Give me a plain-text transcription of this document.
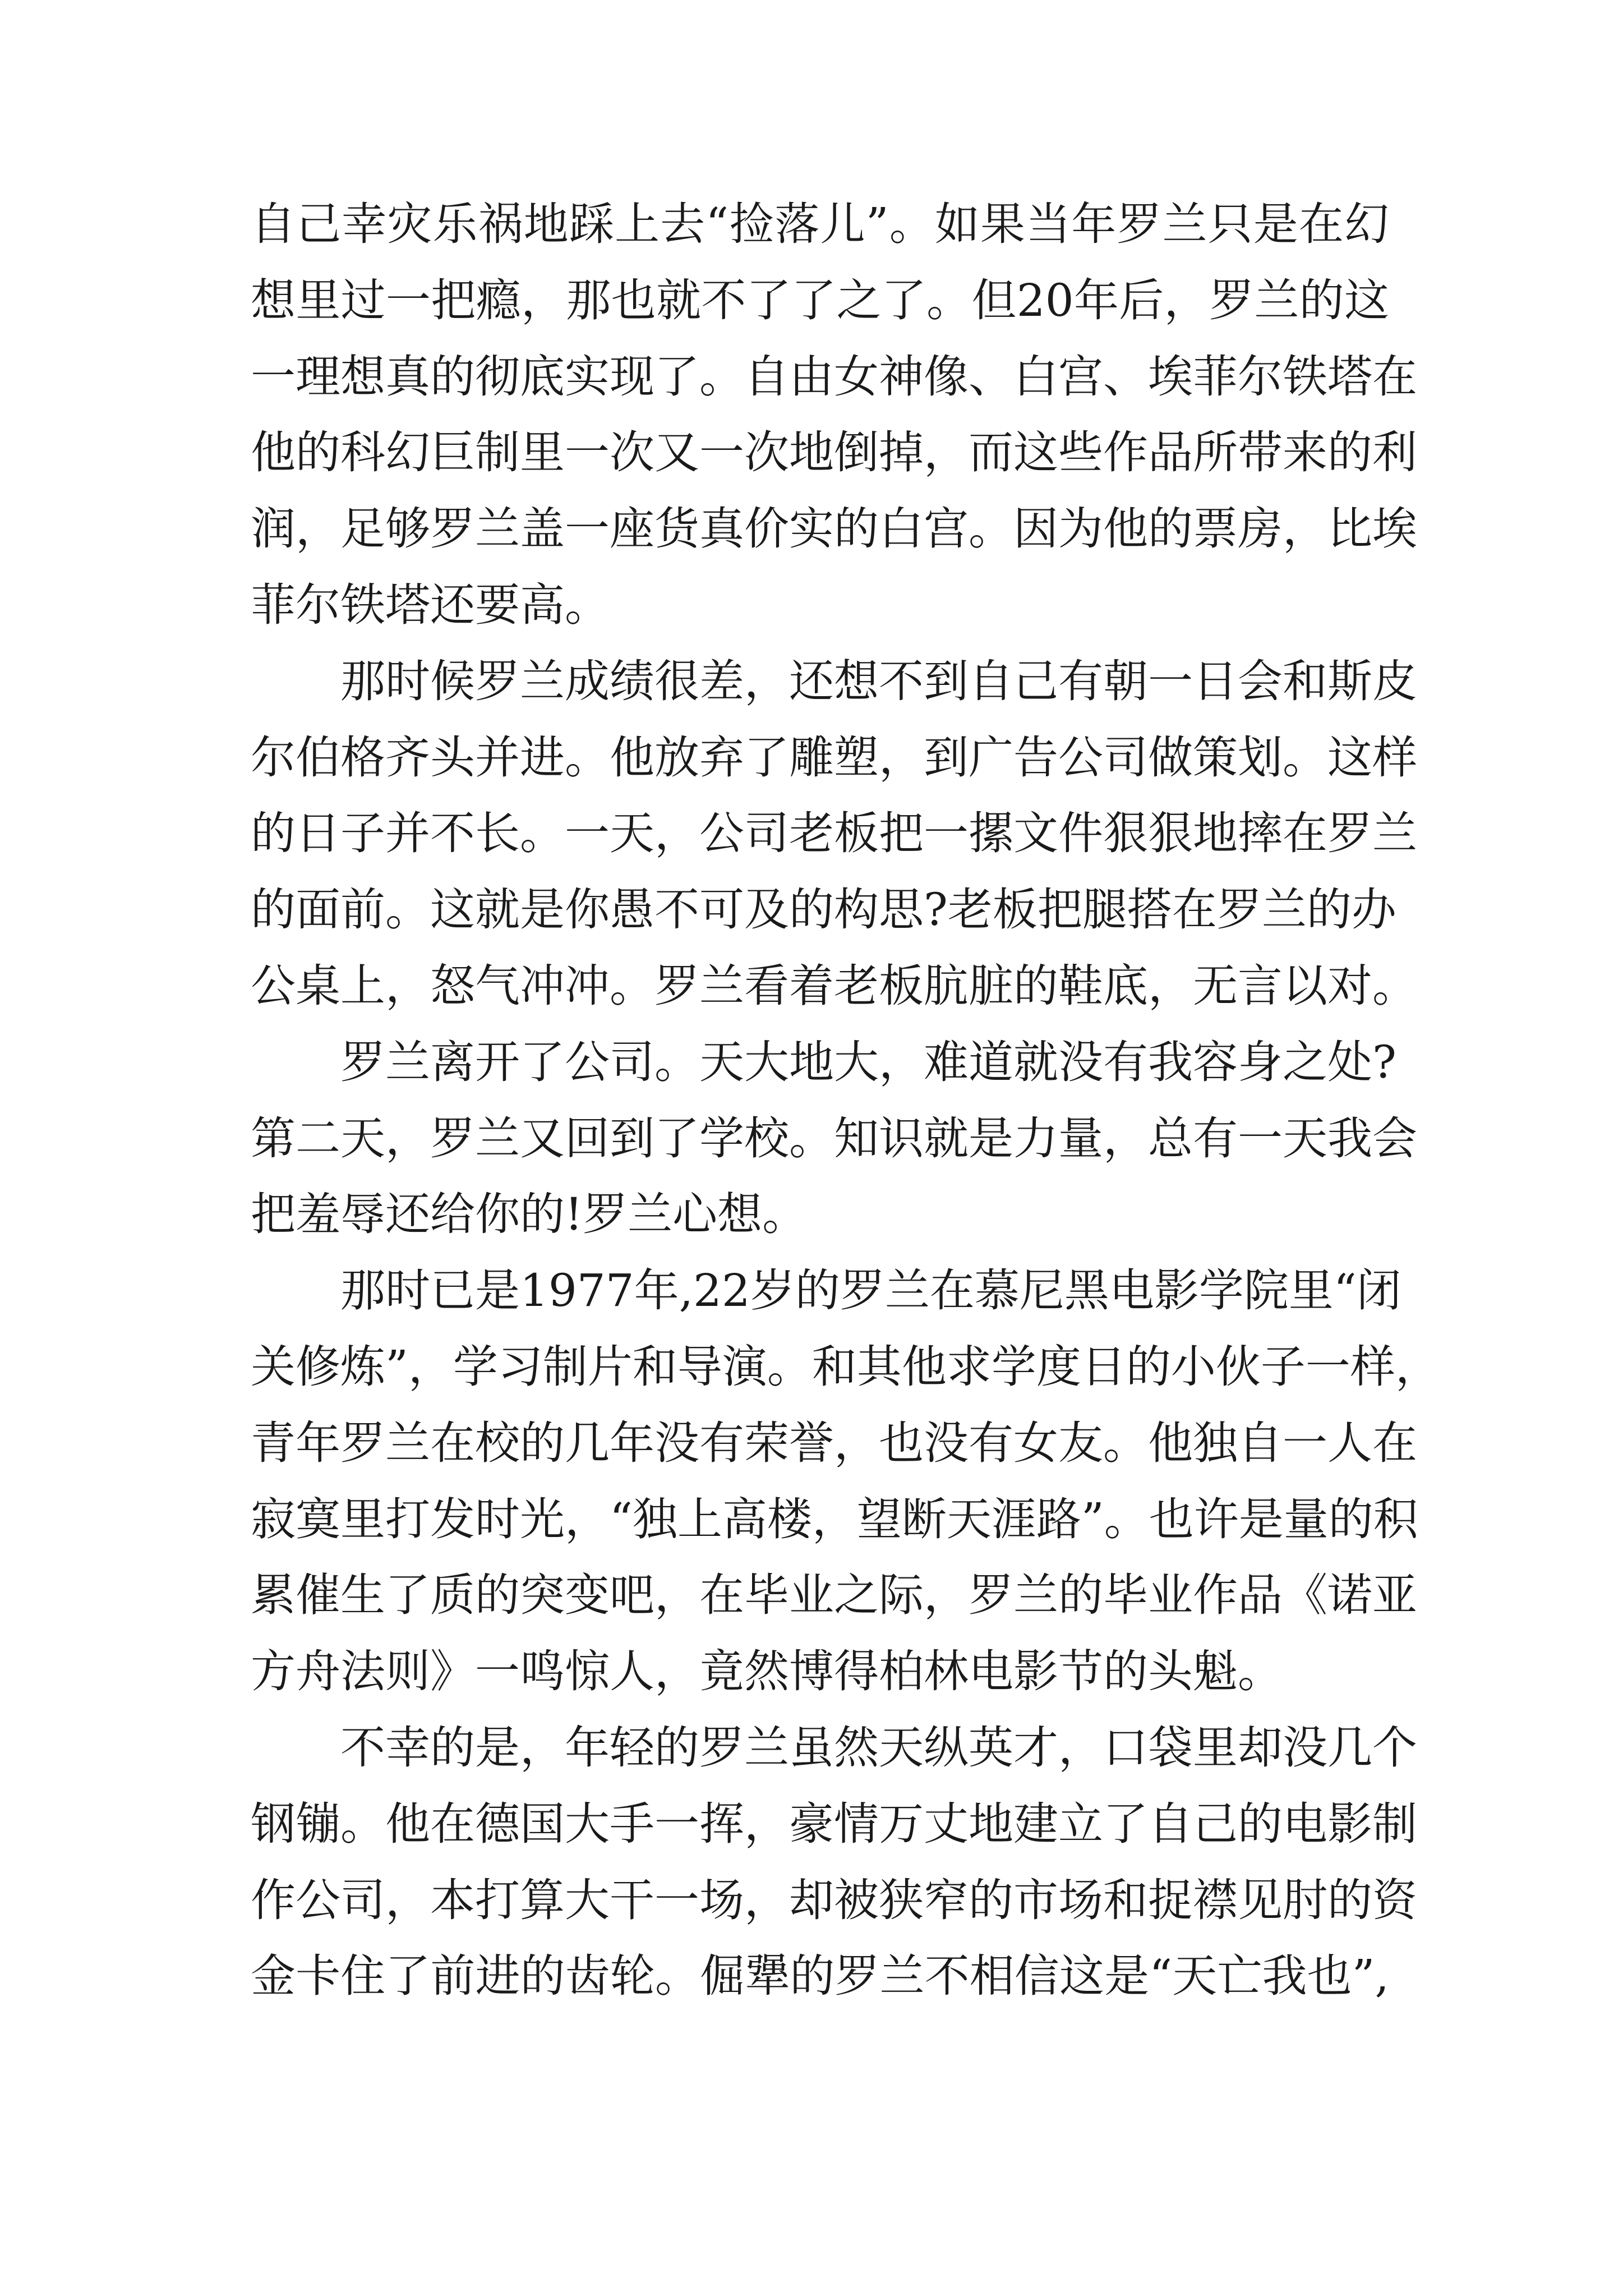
自己幸灾乐祸地踩上去“捡落儿”。如果当年罗兰只是在幻
想里过一把瘾，那也就不了了之了。但20年后，罗兰的这
一理想真的彻底实现了。自由女神像、白宫、埃菲尔铁塔在
他的科幻巨制里一次又一次地倒掉，而这些作品所带来的利
润，足够罗兰盖一座货真价实的白宫。因为他的票房，比埃
菲尔铁塔还要高。
那时候罗兰成绩很差，还想不到自己有朝一日会和斯皮
尔伯格齐头并进。他放弃了雕塑，到广告公司做策划。这样
的日子并不长。一天，公司老板把一摞文件狠狠地摔在罗兰
的面前。这就是你愚不可及的构思?老板把腿搭在罗兰的办
公桌上，怒气冲冲。罗兰看着老板肮脏的鞋底，无言以对。
罗兰离开了公司。天大地大，难道就没有我容身之处?
第二天，罗兰又回到了学校。知识就是力量，总有一天我会
把羞辱还给你的!罗兰心想。
那时已是1977年,22岁的罗兰在慕尼黑电影学院里“闭
关修炼”，学习制片和导演。和其他求学度日的小伙子一样，
青年罗兰在校的几年没有荣誉，也没有女友。他独自一人在
寂寞里打发时光，“独上高楼，望断天涯路”。也许是量的积
累催生了质的突变吧，在毕业之际，罗兰的毕业作品《诺亚
方舟法则》一鸣惊人，竟然博得柏林电影节的头魁。
不幸的是，年轻的罗兰虽然天纵英才，口袋里却没几个
钢镚。他在德国大手一挥，豪情万丈地建立了自己的电影制
作公司，本打算大干一场，却被狭窄的市场和捉襟见肘的资
金卡住了前进的齿轮。倔犟的罗兰不相信这是“天亡我也”,
